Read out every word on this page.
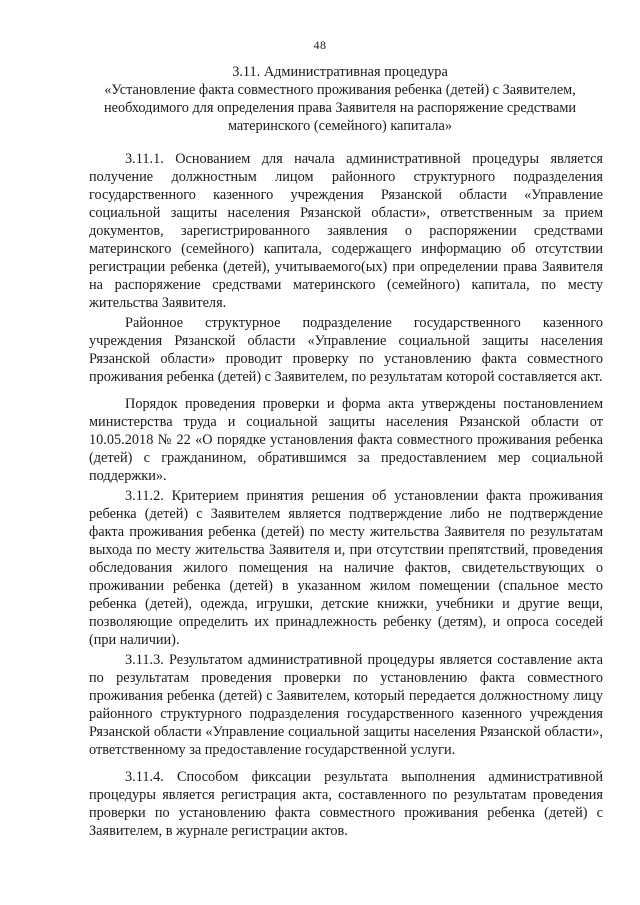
48
3.11. Административная процедура
«Установление факта совместного проживания ребенка (детей) с Заявителем,
необходимого для определения права Заявителя на распоряжение средствами
материнского (семейного) капитала»

3.11.1. Основанием для начала административной процедуры является получение должностным лицом районного структурного подразделения государственного казенного учреждения Рязанской области «Управление социальной защиты населения Рязанской области», ответственным за прием документов, зарегистрированного заявления о распоряжении средствами материнского (семейного) капитала, содержащего информацию об отсутствии регистрации ребенка (детей), учитываемого(ых) при определении права Заявителя на распоряжение средствами материнского (семейного) капитала, по месту жительства Заявителя.

Районное структурное подразделение государственного казенного учреждения Рязанской области «Управление социальной защиты населения Рязанской области» проводит проверку по установлению факта совместного проживания ребенка (детей) с Заявителем, по результатам которой составляется акт.

Порядок проведения проверки и форма акта утверждены постановлением министерства труда и социальной защиты населения Рязанской области от 10.05.2018 № 22 «О порядке установления факта совместного проживания ребенка (детей) с гражданином, обратившимся за предоставлением мер социальной поддержки».

3.11.2. Критерием принятия решения об установлении факта проживания ребенка (детей) с Заявителем является подтверждение либо не подтверждение факта проживания ребенка (детей) по месту жительства Заявителя по результатам выхода по месту жительства Заявителя и, при отсутствии препятствий, проведения обследования жилого помещения на наличие фактов, свидетельствующих о проживании ребенка (детей) в указанном жилом помещении (спальное место ребенка (детей), одежда, игрушки, детские книжки, учебники и другие вещи, позволяющие определить их принадлежность ребенку (детям), и опроса соседей (при наличии).

3.11.3. Результатом административной процедуры является составление акта по результатам проведения проверки по установлению факта совместного проживания ребенка (детей) с Заявителем, который передается должностному лицу районного структурного подразделения государственного казенного учреждения Рязанской области «Управление социальной защиты населения Рязанской области», ответственному за предоставление государственной услуги.

3.11.4. Способом фиксации результата выполнения административной процедуры является регистрация акта, составленного по результатам проведения проверки по установлению факта совместного проживания ребенка (детей) с Заявителем, в журнале регистрации актов.
